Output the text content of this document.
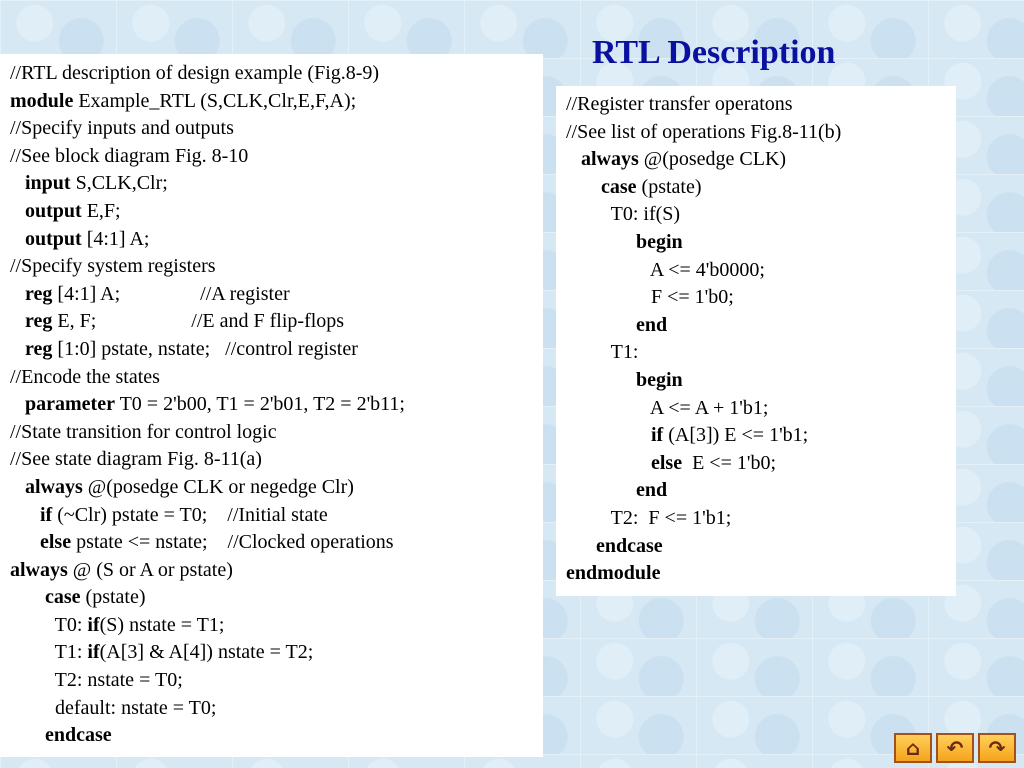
RTL Description
//RTL description of design example (Fig.8-9)
module Example_RTL (S,CLK,Clr,E,F,A);
//Specify inputs and outputs
//See block diagram Fig. 8-10
input S,CLK,Clr;
output E,F;
output [4:1] A;
//Specify system registers
reg [4:1] A;                //A register
reg E, F;                   //E and F flip-flops
reg [1:0] pstate, nstate;   //control register
//Encode the states
parameter T0 = 2'b00, T1 = 2'b01, T2 = 2'b11;
//State transition for control logic
//See state diagram Fig. 8-11(a)
always @(posedge CLK or negedge Clr)
if (~Clr) pstate = T0;    //Initial state
else pstate <= nstate;    //Clocked operations
always @ (S or A or pstate)
case (pstate)
T0: if(S) nstate = T1;
T1: if(A[3] & A[4]) nstate = T2;
T2: nstate = T0;
default: nstate = T0;
endcase
//Register transfer operatons
//See list of operations Fig.8-11(b)
always @(posedge CLK)
case (pstate)
T0: if(S)
begin
A <= 4'b0000;
F <= 1'b0;
end
T1:
begin
A <= A + 1'b1;
if (A[3]) E <= 1'b1;
else  E <= 1'b0;
end
T2:  F <= 1'b1;
endcase
endmodule
⌂ ↶ ↷
